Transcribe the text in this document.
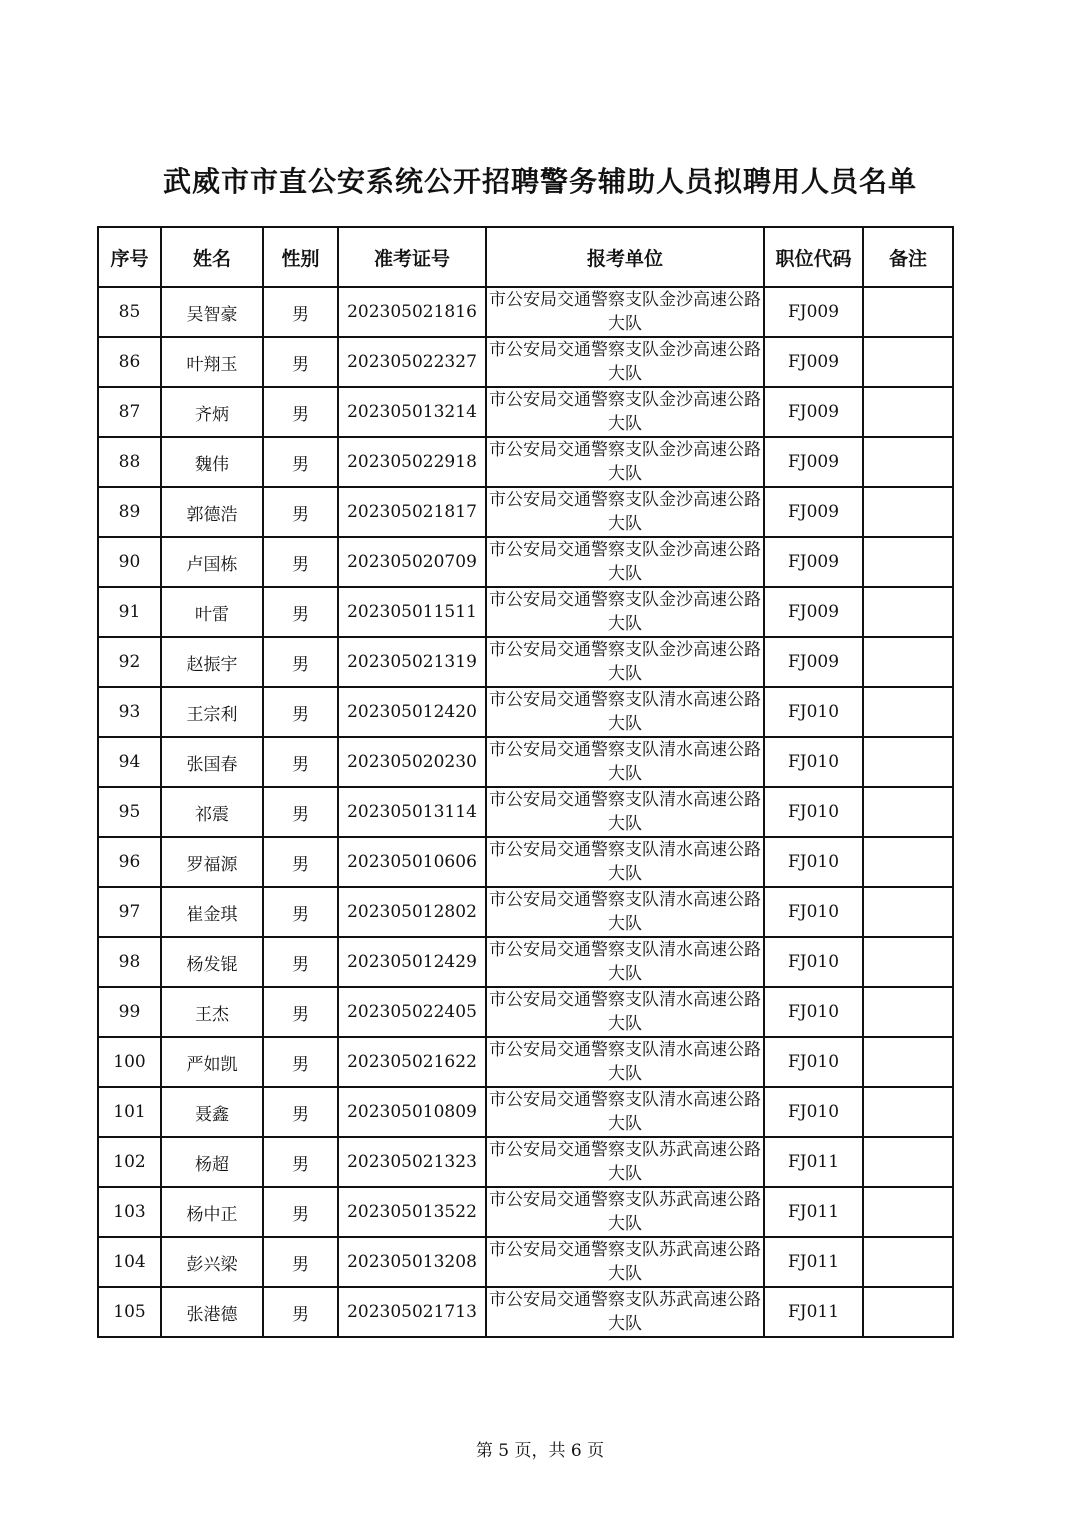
武威市市直公安系统公开招聘警务辅助人员拟聘用人员名单
序号	姓名	性别	准考证号	报考单位	职位代码	备注
85	吴智豪	男	202305021816	市公安局交通警察支队金沙高速公路大队	FJ009	
86	叶翔玉	男	202305022327	市公安局交通警察支队金沙高速公路大队	FJ009	
87	齐炳	男	202305013214	市公安局交通警察支队金沙高速公路大队	FJ009	
88	魏伟	男	202305022918	市公安局交通警察支队金沙高速公路大队	FJ009	
89	郭德浩	男	202305021817	市公安局交通警察支队金沙高速公路大队	FJ009	
90	卢国栋	男	202305020709	市公安局交通警察支队金沙高速公路大队	FJ009	
91	叶雷	男	202305011511	市公安局交通警察支队金沙高速公路大队	FJ009	
92	赵振宇	男	202305021319	市公安局交通警察支队金沙高速公路大队	FJ009	
93	王宗利	男	202305012420	市公安局交通警察支队清水高速公路大队	FJ010	
94	张国春	男	202305020230	市公安局交通警察支队清水高速公路大队	FJ010	
95	祁震	男	202305013114	市公安局交通警察支队清水高速公路大队	FJ010	
96	罗福源	男	202305010606	市公安局交通警察支队清水高速公路大队	FJ010	
97	崔金琪	男	202305012802	市公安局交通警察支队清水高速公路大队	FJ010	
98	杨发锟	男	202305012429	市公安局交通警察支队清水高速公路大队	FJ010	
99	王杰	男	202305022405	市公安局交通警察支队清水高速公路大队	FJ010	
100	严如凯	男	202305021622	市公安局交通警察支队清水高速公路大队	FJ010	
101	聂鑫	男	202305010809	市公安局交通警察支队清水高速公路大队	FJ010	
102	杨超	男	202305021323	市公安局交通警察支队苏武高速公路大队	FJ011	
103	杨中正	男	202305013522	市公安局交通警察支队苏武高速公路大队	FJ011	
104	彭兴梁	男	202305013208	市公安局交通警察支队苏武高速公路大队	FJ011	
105	张港德	男	202305021713	市公安局交通警察支队苏武高速公路大队	FJ011	
第 5 页，共 6 页
